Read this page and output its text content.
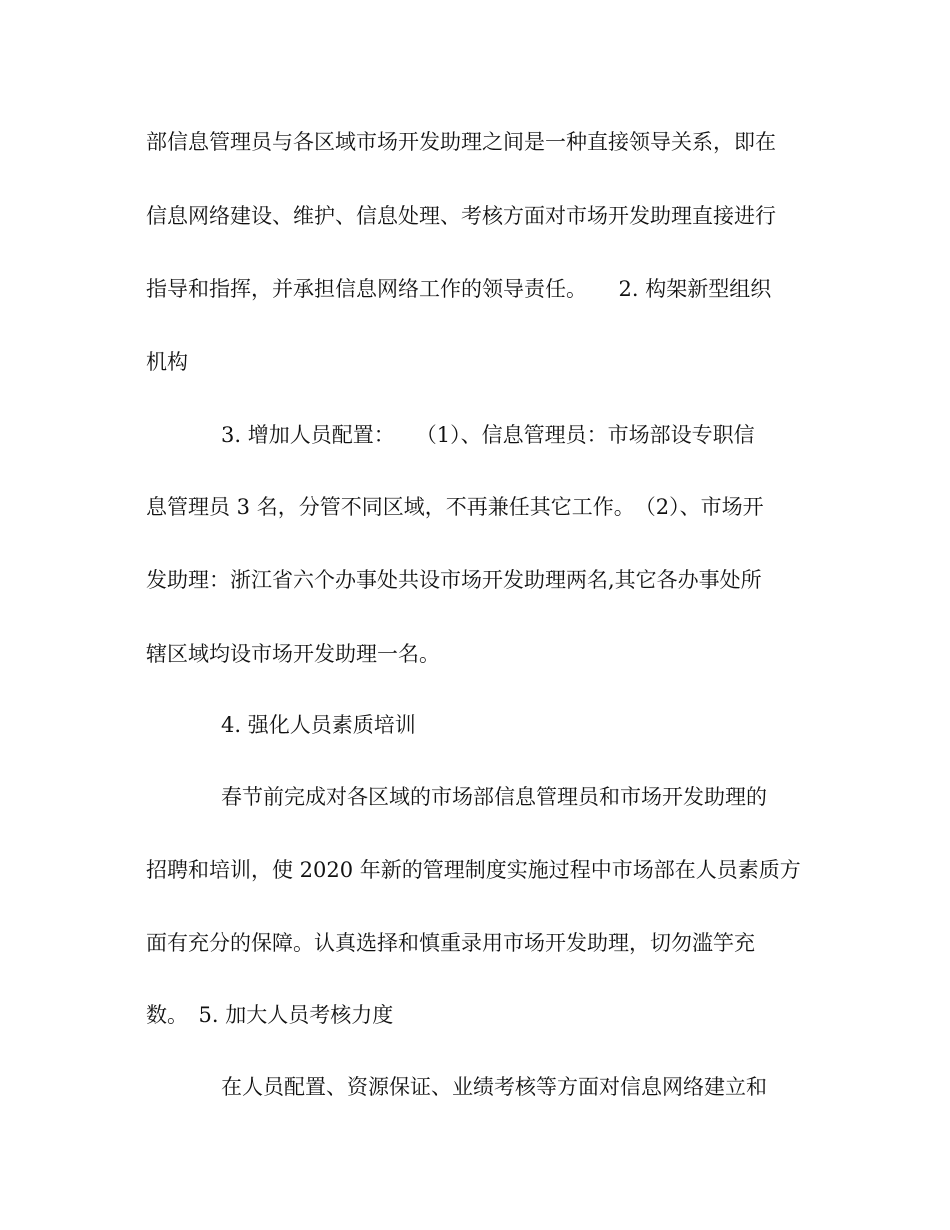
部信息管理员与各区域市场开发助理之间是一种直接领导关系，即在
信息网络建设、维护、信息处理、考核方面对市场开发助理直接进行
指导和指挥，并承担信息网络工作的领导责任。　　2. 构架新型组织
机构
3. 增加人员配置：　　（1）、信息管理员：市场部设专职信
息管理员 3 名，分管不同区域，不再兼任其它工作。　（2）、市场开
发助理：浙江省六个办事处共设市场开发助理两名,其它各办事处所
辖区域均设市场开发助理一名。
4. 强化人员素质培训
春节前完成对各区域的市场部信息管理员和市场开发助理的
招聘和培训，使 2020 年新的管理制度实施过程中市场部在人员素质方
面有充分的保障。认真选择和慎重录用市场开发助理，切勿滥竽充
数。　5. 加大人员考核力度
在人员配置、资源保证、业绩考核等方面对信息网络建立和
